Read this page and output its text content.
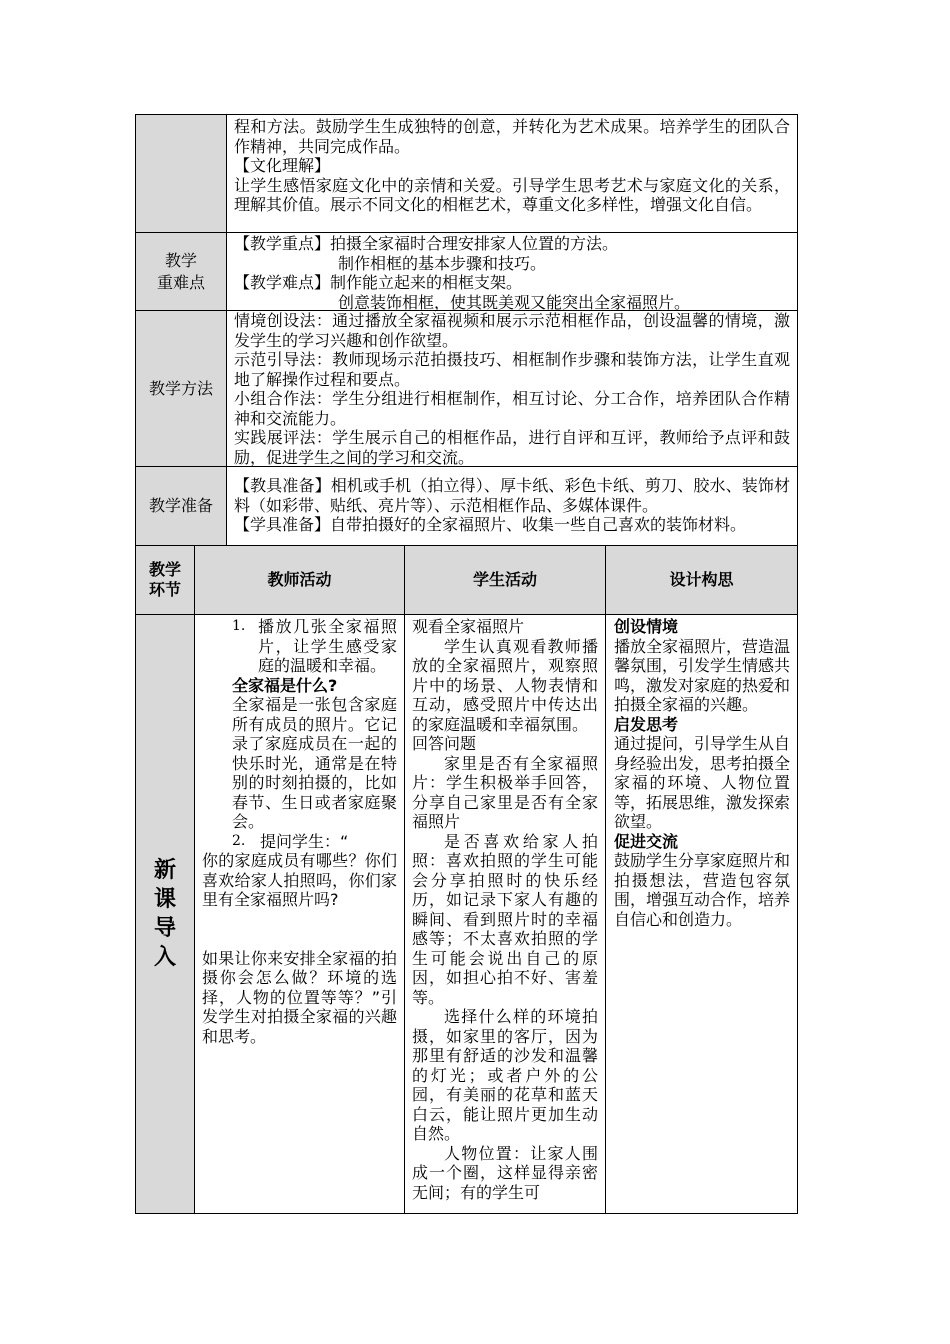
程和方法。鼓励学生生成独特的创意，并转化为艺术成果。培养学生的团队合作精神，共同完成作品。

【文化理解】

让学生感悟家庭文化中的亲情和关爱。引导学生思考艺术与家庭文化的关系，理解其价值。展示不同文化的相框艺术，尊重文化多样性，增强文化自信。

教学
重难点

【教学重点】拍摄全家福时合理安排家人位置的方法。

制作相框的基本步骤和技巧。

【教学难点】制作能立起来的相框支架。

创意装饰相框，使其既美观又能突出全家福照片。

教学方法

情境创设法：通过播放全家福视频和展示示范相框作品，创设温馨的情境，激发学生的学习兴趣和创作欲望。

示范引导法：教师现场示范拍摄技巧、相框制作步骤和装饰方法，让学生直观地了解操作过程和要点。

小组合作法：学生分组进行相框制作，相互讨论、分工合作，培养团队合作精神和交流能力。

实践展评法：学生展示自己的相框作品，进行自评和互评，教师给予点评和鼓励，促进学生之间的学习和交流。

教学准备

【教具准备】相机或手机（拍立得）、厚卡纸、彩色卡纸、剪刀、胶水、装饰材料（如彩带、贴纸、亮片等）、示范相框作品、多媒体课件。

【学具准备】自带拍摄好的全家福照片、收集一些自己喜欢的装饰材料。

教学
环节
教师活动	学生活动	设计构思
新
课
导
入
1. 播放几张全家福照片，让学生感受家庭的温暖和幸福。

全家福是什么?

全家福是一张包含家庭所有成员的照片。它记录了家庭成员在一起的快乐时光，通常是在特别的时刻拍摄的，比如春节、生日或者家庭聚会。

2. 提问学生：“

你的家庭成员有哪些？你们喜欢给家人拍照吗，你们家里有全家福照片吗?

如果让你来安排全家福的拍摄你会怎么做？环境的选择，人物的位置等等？”引发学生对拍摄全家福的兴趣和思考。

观看全家福照片

学生认真观看教师播放的全家福照片，观察照片中的场景、人物表情和互动，感受照片中传达出的家庭温暖和幸福氛围。

回答问题

家里是否有全家福照片：学生积极举手回答，分享自己家里是否有全家福照片

是否喜欢给家人拍照：喜欢拍照的学生可能会分享拍照时的快乐经历，如记录下家人有趣的瞬间、看到照片时的幸福感等；不太喜欢拍照的学生可能会说出自己的原因，如担心拍不好、害羞等。

选择什么样的环境拍摄，如家里的客厅，因为那里有舒适的沙发和温馨的灯光；或者户外的公园，有美丽的花草和蓝天白云，能让照片更加生动自然。

人物位置：让家人围成一个圈，这样显得亲密无间；有的学生可

创设情境

播放全家福照片，营造温馨氛围，引发学生情感共鸣，激发对家庭的热爱和拍摄全家福的兴趣。

启发思考

通过提问，引导学生从自身经验出发，思考拍摄全家福的环境、人物位置等，拓展思维，激发探索欲望。

促进交流

鼓励学生分享家庭照片和拍摄想法，营造包容氛围，增强互动合作，培养自信心和创造力。
